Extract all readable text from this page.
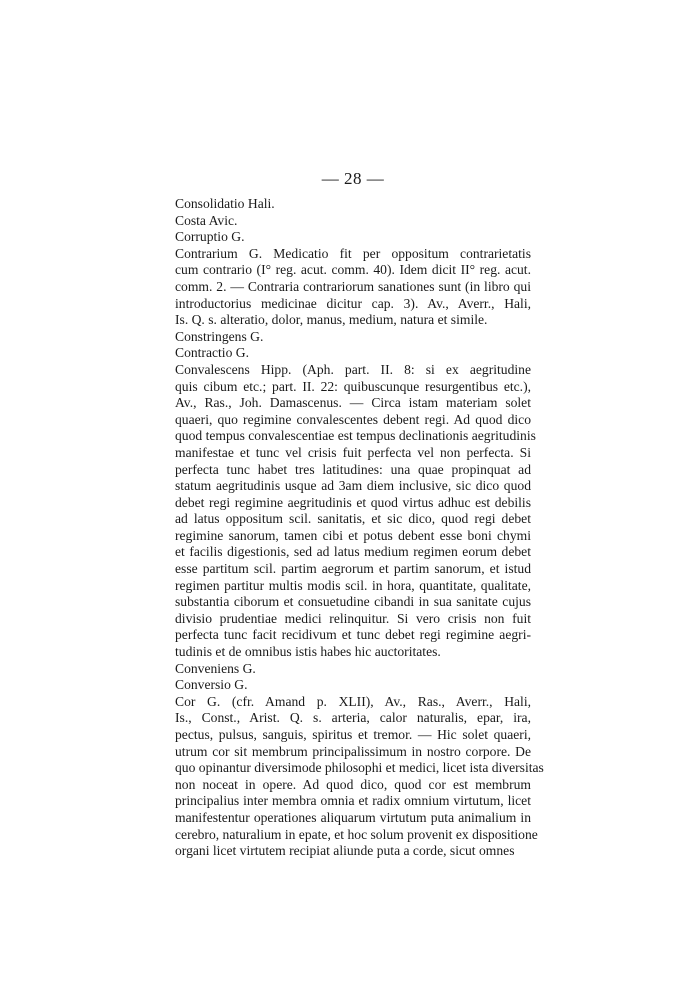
— 28 —
Consolidatio Hali.
Costa Avic.
Corruptio G.
Contrarium G. Medicatio fit per oppositum contrarietatis
cum contrario (I° reg. acut. comm. 40). Idem dicit II° reg. acut.
comm. 2. — Contraria contrariorum sanationes sunt (in libro qui
introductorius medicinae dicitur cap. 3). Av., Averr., Hali,
Is. Q. s. alteratio, dolor, manus, medium, natura et simile.
Constringens G.
Contractio G.
Convalescens Hipp. (Aph. part. II. 8: si ex aegritudine
quis cibum etc.; part. II. 22: quibuscunque resurgentibus etc.),
Av., Ras., Joh. Damascenus. — Circa istam materiam solet
quaeri, quo regimine convalescentes debent regi. Ad quod dico
quod tempus convalescentiae est tempus declinationis aegritudinis
manifestae et tunc vel crisis fuit perfecta vel non perfecta. Si
perfecta tunc habet tres latitudines: una quae propinquat ad
statum aegritudinis usque ad 3am diem inclusive, sic dico quod
debet regi regimine aegritudinis et quod virtus adhuc est debilis
ad latus oppositum scil. sanitatis, et sic dico, quod regi debet
regimine sanorum, tamen cibi et potus debent esse boni chymi
et facilis digestionis, sed ad latus medium regimen eorum debet
esse partitum scil. partim aegrorum et partim sanorum, et istud
regimen partitur multis modis scil. in hora, quantitate, qualitate,
substantia ciborum et consuetudine cibandi in sua sanitate cujus
divisio prudentiae medici relinquitur. Si vero crisis non fuit
perfecta tunc facit recidivum et tunc debet regi regimine aegri-
tudinis et de omnibus istis habes hic auctoritates.
Conveniens G.
Conversio G.
Cor G. (cfr. Amand p. XLII), Av., Ras., Averr., Hali,
Is., Const., Arist. Q. s. arteria, calor naturalis, epar, ira,
pectus, pulsus, sanguis, spiritus et tremor. — Hic solet quaeri,
utrum cor sit membrum principalissimum in nostro corpore. De
quo opinantur diversimode philosophi et medici, licet ista diversitas
non noceat in opere. Ad quod dico, quod cor est membrum
principalius inter membra omnia et radix omnium virtutum, licet
manifestentur operationes aliquarum virtutum puta animalium in
cerebro, naturalium in epate, et hoc solum provenit ex dispositione
organi licet virtutem recipiat aliunde puta a corde, sicut omnes
